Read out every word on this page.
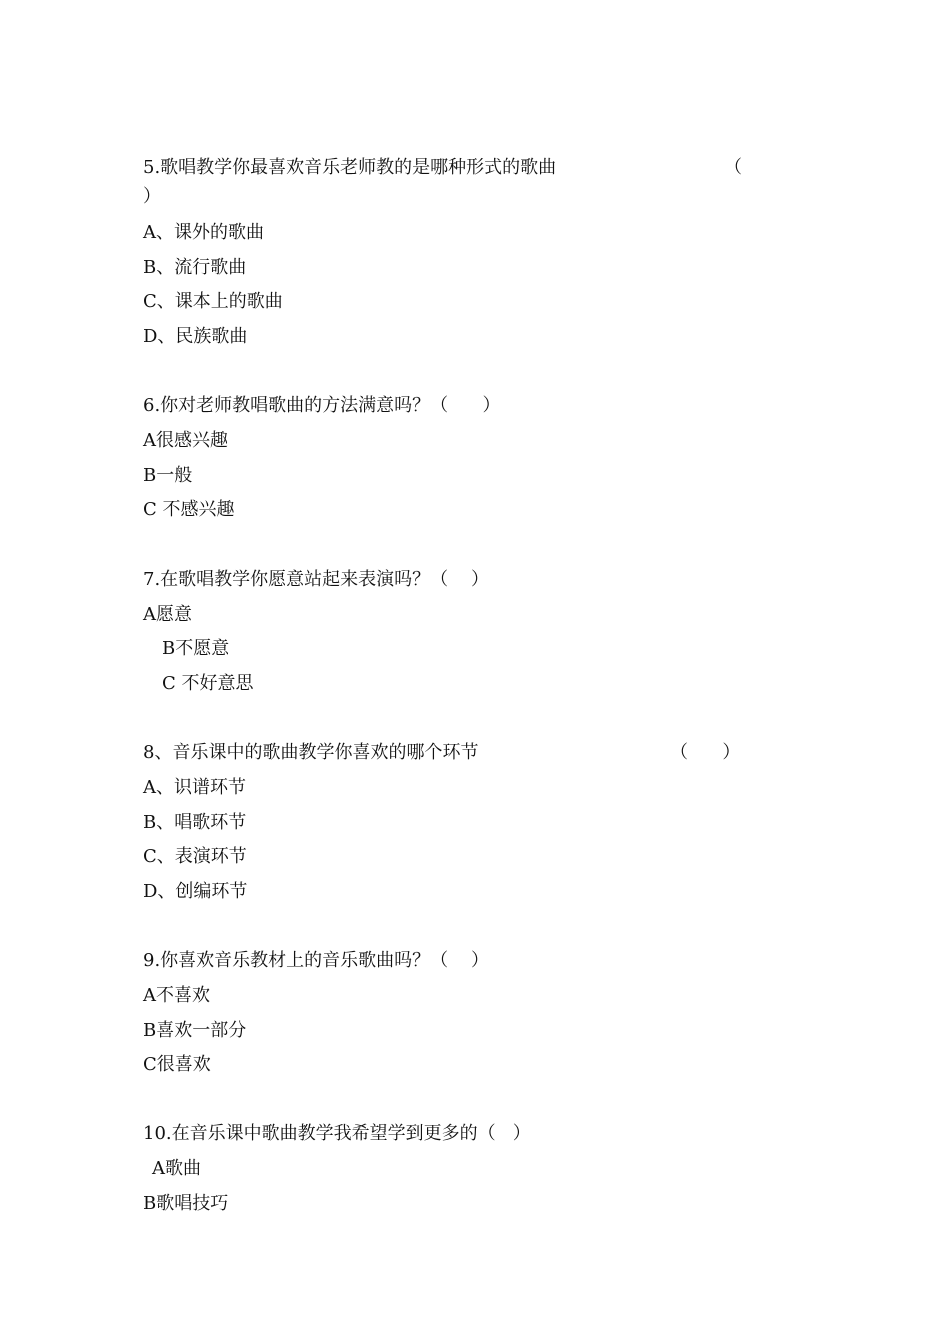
5.歌唱教学你最喜欢音乐老师教的是哪种形式的歌曲	（
）
A、课外的歌曲
B、流行歌曲
C、课本上的歌曲
D、民族歌曲
6.你对老师教唱歌曲的方法满意吗？（      ）
A很感兴趣
B一般
C 不感兴趣
7.在歌唱教学你愿意站起来表演吗？（    ）
A愿意
B不愿意
C 不好意思
8、音乐课中的歌曲教学你喜欢的哪个环节	（      ）
A、识谱环节
B、唱歌环节
C、表演环节
D、创编环节
9.你喜欢音乐教材上的音乐歌曲吗？（    ）
A不喜欢
B喜欢一部分
C很喜欢
10.在音乐课中歌曲教学我希望学到更多的（   ）
A歌曲
B歌唱技巧
